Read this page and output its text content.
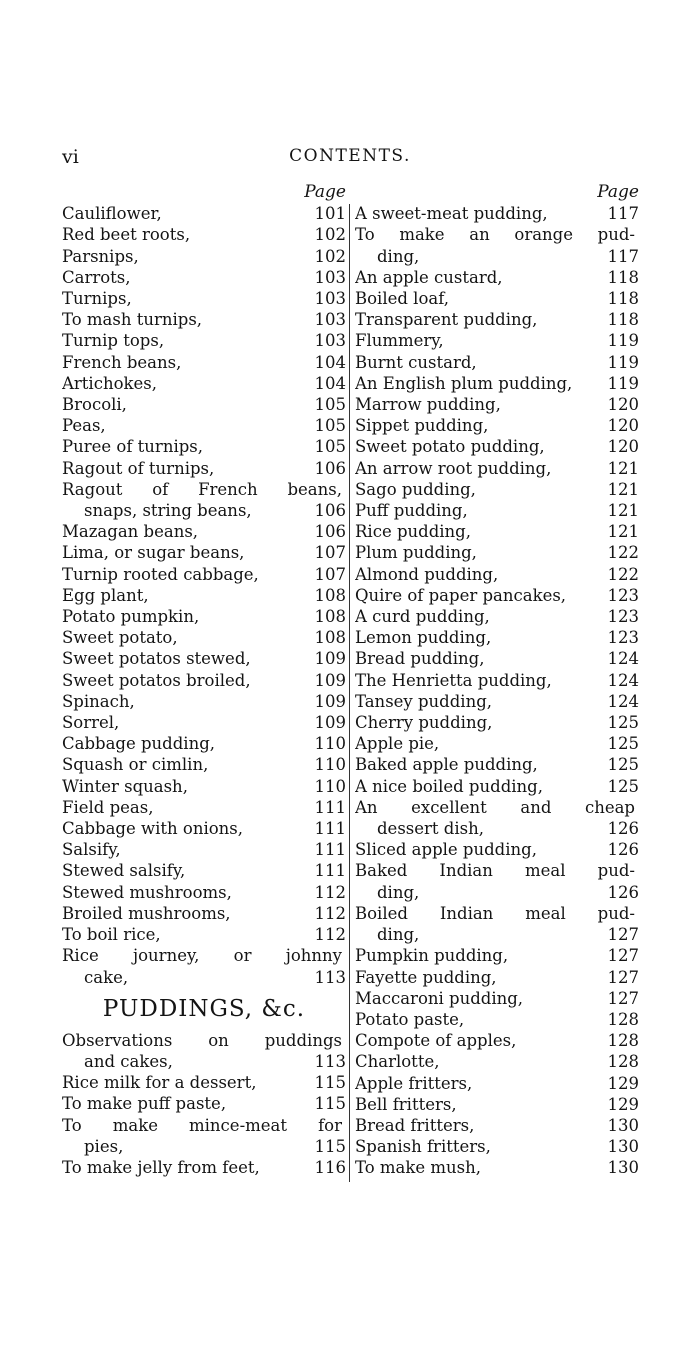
vi	CONTENTS.
Page
Cauliflower,	101
Red beet roots,	102
Parsnips,	102
Carrots,	103
Turnips,	103
To mash turnips,	103
Turnip tops,	103
French beans,	104
Artichokes,	104
Brocoli,	105
Peas,	105
Puree of turnips,	105
Ragout of turnips,	106
Ragout of French beans,
snaps, string beans,	106
Mazagan beans,	106
Lima, or sugar beans,	107
Turnip rooted cabbage,	107
Egg plant,	108
Potato pumpkin,	108
Sweet potato,	108
Sweet potatos stewed,	109
Sweet potatos broiled,	109
Spinach,	109
Sorrel,	109
Cabbage pudding,	110
Squash or cimlin,	110
Winter squash,	110
Field peas,	111
Cabbage with onions,	111
Salsify,	111
Stewed salsify,	111
Stewed mushrooms,	112
Broiled mushrooms,	112
To boil rice,	112
Rice journey, or johnny
cake,	113
PUDDINGS, &c.
Observations on puddings
and cakes,	113
Rice milk for a dessert,	115
To make puff paste,	115
To make mince-meat for
pies,	115
To make jelly from feet,	116
Page
A sweet-meat pudding,	117
To make an orange pud-
ding,	117
An apple custard,	118
Boiled loaf,	118
Transparent pudding,	118
Flummery,	119
Burnt custard,	119
An English plum pudding, 119
Marrow pudding,	120
Sippet pudding,	120
Sweet potato pudding,	120
An arrow root pudding,	121
Sago pudding,	121
Puff pudding,	121
Rice pudding,	121
Plum pudding,	122
Almond pudding,	122
Quire of paper pancakes,	123
A curd pudding,	123
Lemon pudding,	123
Bread pudding,	124
The Henrietta pudding,	124
Tansey pudding,	124
Cherry pudding,	125
Apple pie,	125
Baked apple pudding,	125
A nice boiled pudding,	125
An excellent and cheap
dessert dish,	126
Sliced apple pudding,	126
Baked Indian meal pud-
ding,	126
Boiled Indian meal pud-
ding,	127
Pumpkin pudding,	127
Fayette pudding,	127
Maccaroni pudding,	127
Potato paste,	128
Compote of apples,	128
Charlotte,	128
Apple fritters,	129
Bell fritters,	129
Bread fritters,	130
Spanish fritters,	130
To make mush,	130
